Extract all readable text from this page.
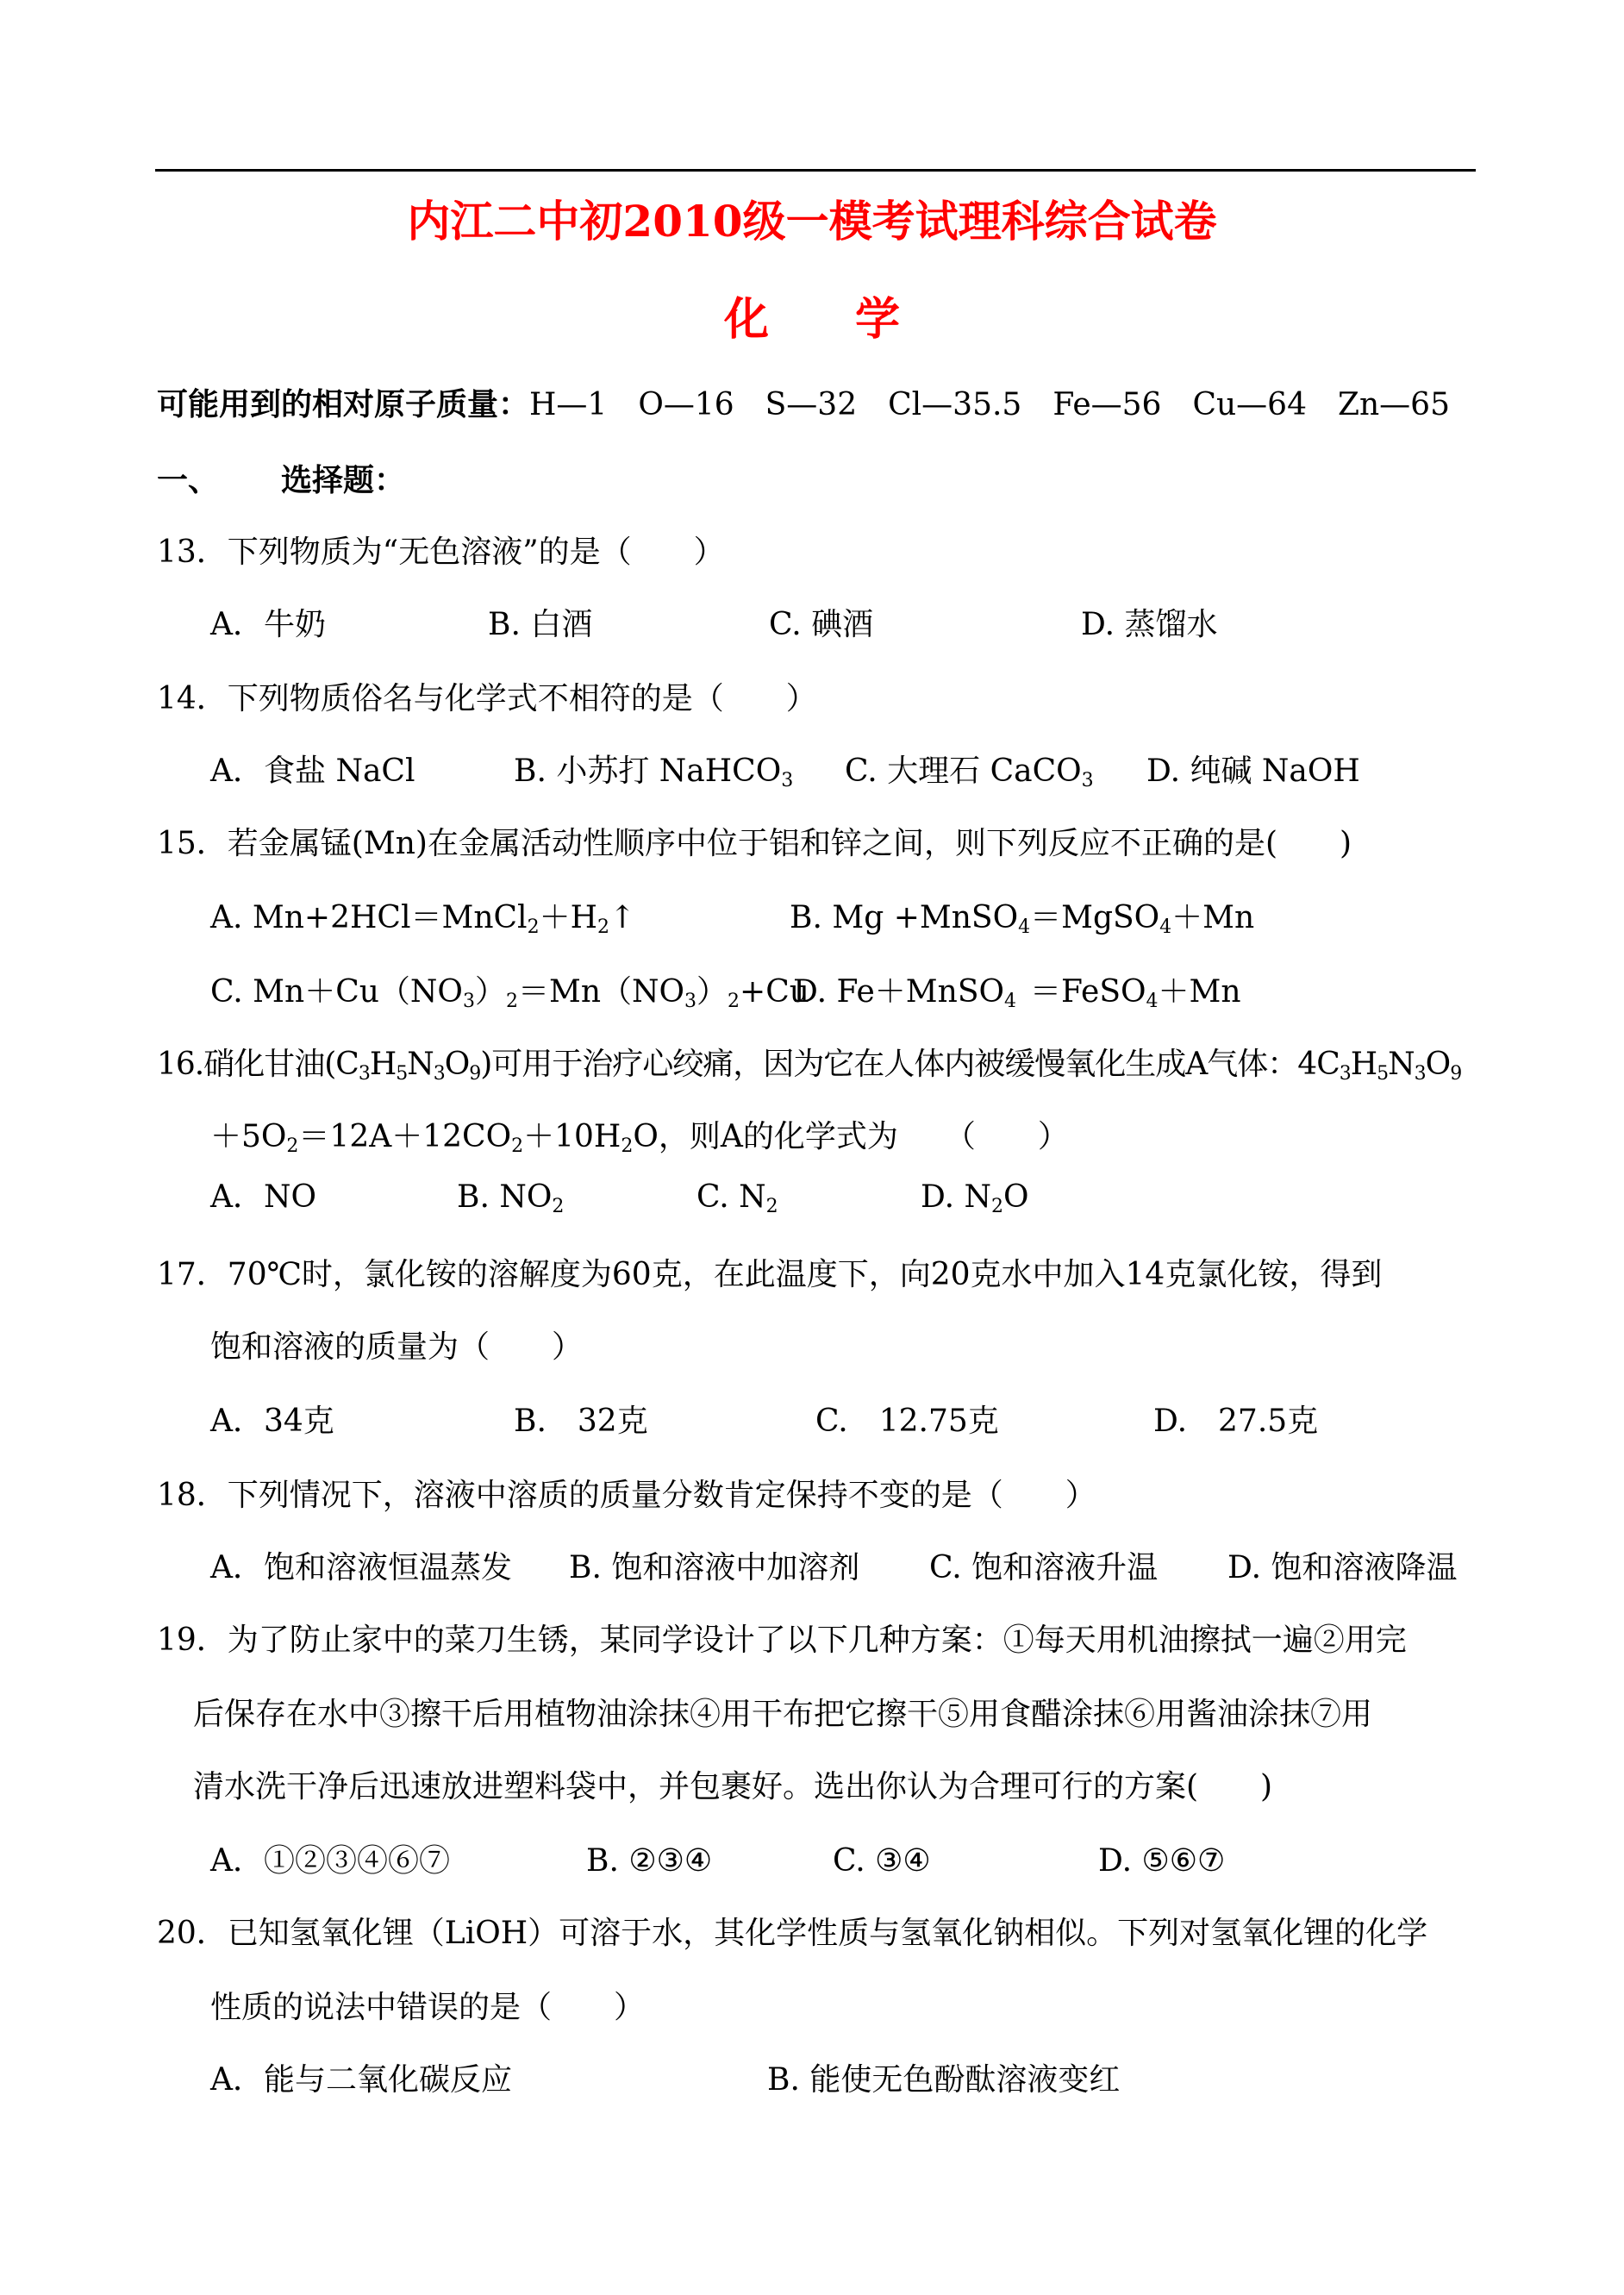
内江二中初2010级一模考试理科综合试卷
化学
可能用到的相对原子质量：H—1　O—16　S—32　Cl—35.5　Fe—56　Cu—64　Zn—65
一、 选择题：
13．下列物质为“无色溶液”的是（　　）
A．牛奶	B. 白酒	C. 碘酒	D. 蒸馏水
14．下列物质俗名与化学式不相符的是（　　）
A．食盐 NaCl	B. 小苏打 NaHCO$_3$ C. 大理石 CaCO$_3$ D. 纯碱 NaOH
15．若金属锰(Mn)在金属活动性顺序中位于铝和锌之间，则下列反应不正确的是(　　)
A. $Mn+2HCl=MnCl_2+H_2↑$	B. Mg +MnSO$_4$＝MgSO$_4$＋Mn
C. $Mn+Cu(NO_3)_2=Mn(NO_3)_2+Cu$
D. Fe＋MnSO$_4$ ＝FeSO$_4$＋Mn
16.硝化甘油$(C_3H_5N_3O_9)$可用于治疗心绞痛，因为它在人体内被缓慢氧化生成A气体：$4C_3H_5N_3O_9$
$+5O_2=12A+12CO_2+10H_2O$，则A的化学式为　　（　　）
A．NO	B. $NO_2$	C. $N_2$	D. $N_2O$
17．70℃时，氯化铵的溶解度为60克，在此温度下，向20克水中加入14克氯化铵，得到
饱和溶液的质量为（　　）
A．34克	B.　32克	C.　12.75克	D.　27.5克
18．下列情况下，溶液中溶质的质量分数肯定保持不变的是（　　）
A．饱和溶液恒温蒸发 B. 饱和溶液中加溶剂 C. 饱和溶液升温 D. 饱和溶液降温
19．为了防止家中的菜刀生锈，某同学设计了以下几种方案：①每天用机油擦拭一遍②用完
后保存在水中③擦干后用植物油涂抹④用干布把它擦干⑤用食醋涂抹⑥用酱油涂抹⑦用
清水洗干净后迅速放进塑料袋中，并包裹好。选出你认为合理可行的方案(　　)
A．①②③④⑥⑦	B. ②③④	C. ③④	D. ⑤⑥⑦
20．已知氢氧化锂（LiOH）可溶于水，其化学性质与氢氧化钠相似。下列对氢氧化锂的化学
性质的说法中错误的是（　　）
A．能与二氧化碳反应	B. 能使无色酚酞溶液变红
